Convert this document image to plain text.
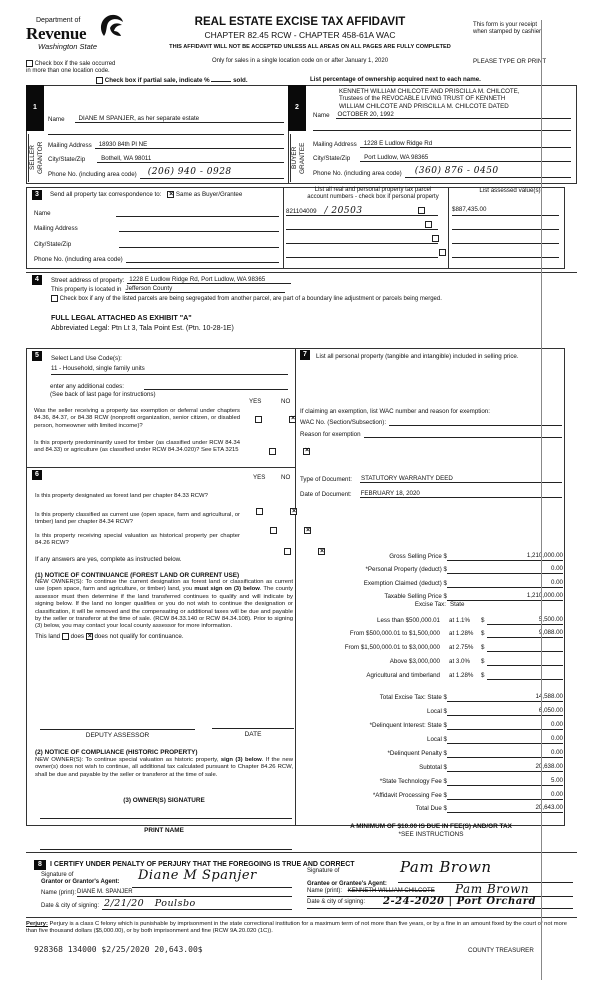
Department of
Revenue
Washington State
REAL ESTATE EXCISE TAX AFFIDAVIT
CHAPTER 82.45 RCW - CHAPTER 458-61A WAC
THIS AFFIDAVIT WILL NOT BE ACCEPTED UNLESS ALL AREAS ON ALL PAGES ARE FULLY COMPLETED
Only for sales in a single location code on or after January 1, 2020
This form is your receipt
when stamped by cashier.
PLEASE TYPE OR PRINT
Check box if the sale occurred
in more than one location code.
Check box if partial sale, indicate %	sold.	List percentage of ownership acquired next to each name.
1
SELLER
GRANTOR
Name	DIANE M SPANJER, as her separate estate
Mailing Address	18930 84th Pl NE
City/State/Zip	Bothell, WA 98011
Phone No. (including area code)	(206) 940 - 0928
2
BUYER
GRANTEE
KENNETH WILLIAM CHILCOTE AND PRISCILLA M. CHILCOTE,
Trustees of the REVOCABLE LIVING TRUST OF KENNETH
WILLIAM CHILCOTE AND PRISCILLA M. CHILCOTE DATED
Name	OCTOBER 20, 1992
Mailing Address	1228 E Ludlow Ridge Rd
City/State/Zip	Port Ludlow, WA 98365
Phone No. (including area code)	(360) 876 - 0450
3	Send all property tax correspondence to: × Same as Buyer/Grantee
Name
Mailing Address
City/State/Zip
Phone No. (including area code)
List all real and personal property tax parcel
account numbers - check box if personal property
List assessed value(s)
821104009 / 20503	$887,435.00
4	Street address of property: 1228 E Ludlow Ridge Rd, Port Ludlow, WA 98365
This property is located in Jefferson County
Check box if any of the listed parcels are being segregated from another parcel, are part of a boundary line adjustment or parcels being merged.
FULL LEGAL ATTACHED AS EXHIBIT "A"
Abbreviated Legal: Ptn Lt 3, Tala Point Est. (Ptn. 10-28-1E)
5	Select Land Use Code(s):
11 - Household, single family units
enter any additional codes:
(See back of last page for instructions)
YES	NO
Was the seller receiving a property tax exemption or deferral under chapters 84.36, 84.37, or 84.38 RCW (nonprofit organization, senior citizen, or disabled person, homeowner with limited income)?
×
Is this property predominantly used for timber (as classified under RCW 84.34 and 84.33) or agriculture (as classified under RCW 84.34.020)? See ETA 3215
×
6	YES	NO
Is this property designated as forest land per chapter 84.33 RCW?
×
Is this property classified as current use (open space, farm and agricultural, or timber) land per chapter 84.34 RCW?
×
Is this property receiving special valuation as historical property per chapter 84.26 RCW?
×
If any answers are yes, complete as instructed below.
(1) NOTICE OF CONTINUANCE (FOREST LAND OR CURRENT USE)
NEW OWNER(S): To continue the current designation as forest land or classification as current use (open space, farm and agriculture, or timber) land, you must sign on (3) below. The county assessor must then determine if the land transferred continues to qualify and will indicate by signing below. If the land no longer qualifies or you do not wish to continue the designation or classification, it will be removed and the compensating or additional taxes will be due and payable by the seller or transferor at the time of sale. (RCW 84.33.140 or RCW 84.34.108). Prior to signing (3) below, you may contact your local county assessor for more information.
This land does × does not qualify for continuance.
DEPUTY ASSESSOR	DATE
(2) NOTICE OF COMPLIANCE (HISTORIC PROPERTY)
NEW OWNER(S): To continue special valuation as historic property, sign (3) below. If the new owner(s) does not wish to continue, all additional tax calculated pursuant to Chapter 84.26 RCW, shall be due and payable by the seller or transferor at the time of sale.
(3) OWNER(S) SIGNATURE
PRINT NAME
7	List all personal property (tangible and intangible) included in selling price.
If claiming an exemption, list WAC number and reason for exemption:
WAC No. (Section/Subsection):
Reason for exemption
Type of Document: STATUTORY WARRANTY DEED
Date of Document: FEBRUARY 18, 2020
Gross Selling Price $	1,210,000.00
*Personal Property (deduct) $	0.00
Exemption Claimed (deduct) $	0.00
Taxable Selling Price $	1,210,000.00
Less than $500,000.01 at 1.1% $	5,500.00
From $500,000.01 to $1,500,000 at 1.28% $	9,088.00
From $1,500,000.01 to $3,000,000 at 2.75% $
Above $3,000,000 at 3.0% $
Agricultural and timberland at 1.28% $
Total Excise Tax: State $	14,588.00
Local $	6,050.00
*Delinquent Interest: State $	0.00
Local $	0.00
*Delinquent Penalty $	0.00
Subtotal $	20,638.00
*State Technology Fee $	5.00
*Affidavit Processing Fee $	0.00
Total Due $	20,643.00
Excise Tax: State
A MINIMUM OF $10.00 IS DUE IN FEE(S) AND/OR TAX
*SEE INSTRUCTIONS
8	I CERTIFY UNDER PENALTY OF PERJURY THAT THE FOREGOING IS TRUE AND CORRECT
Signature of
Grantor or Grantor's Agent:	Diane M Spanjer
Name (print): DIANE M. SPANJER
Date & city of signing: 2/21/20   Poulsbo
Signature of
Grantee or Grantee's Agent:
Pam Brown
Name (print): KENNETH WILLIAM CHILCOTE Pam Brown
Date & city of signing: 2-24-2020 | Port Orchard
Perjury: Perjury is a class C felony which is punishable by imprisonment in the state correctional institution for a maximum term of not more than five years, or by a fine in an amount fixed by the court of not more than five thousand dollars ($5,000.00), or by both imprisonment and fine (RCW 9A.20.020 (1C)).
928368 134000 $2/25/2020 20,643.00$	COUNTY TREASURER
